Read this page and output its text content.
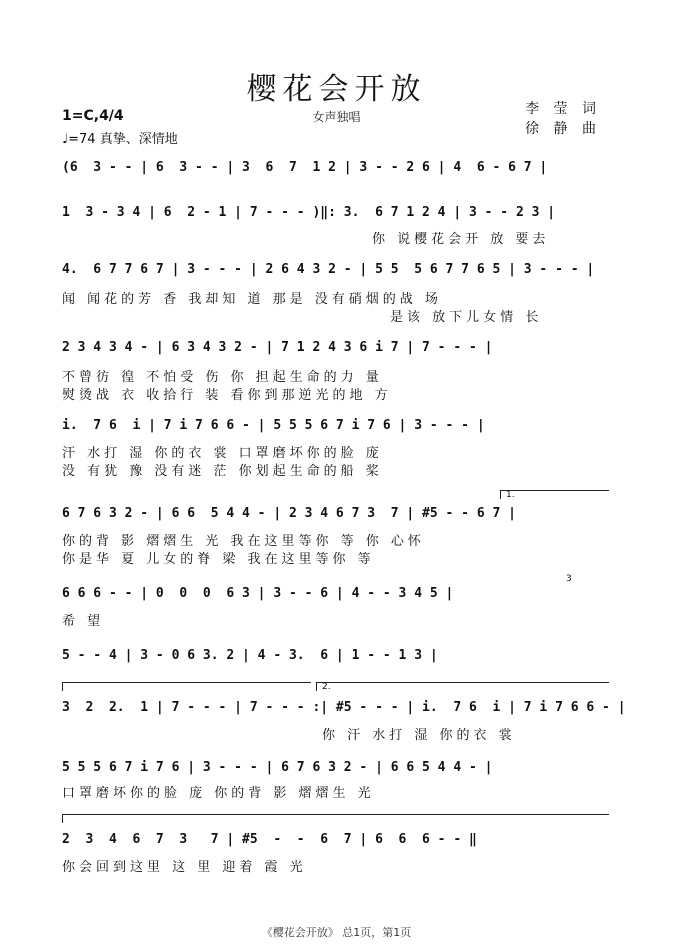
樱花会开放
女声独唱
1=C,4/4
♩=74 真挚、深情地
李 莹 词
徐 静 曲
(6  3 - - | 6  3 - - | 3  6  7  1 2 | 3 - - 2 6 | 4  6 - 6 7 |
1  3 - 3 4 | 6  2 - 1 | 7 - - - )‖: 3.  6 7 1 2 4 | 3 - - 2 3 |
你 说樱花会开 放 要去
4.  6 7 7 6 7 | 3 - - - | 2 6 4 3 2 - | 5 5  5 6 7 7 6 5 | 3 - - - |
闻 闻花的芳 香 我却知 道 那是 没有硝烟的战 场
是该 放下儿女情 长
2 3 4 3 4 - | 6 3 4 3 2 - | 7 1 2 4 3 6 i 7 | 7 - - - |
不曾彷 徨 不怕受 伤 你 担起生命的力 量
熨烫战 衣 收拾行 装 看你到那逆光的地 方
i.  7 6  i | 7 i 7 6 6 - | 5 5 5 6 7 i 7 6 | 3 - - - |
汗 水打 湿 你的衣 裳 口罩磨坏你的脸 庞
没 有犹 豫 没有迷 茫 你划起生命的船 桨
1.
6 7 6 3 2 - | 6 6  5 4 4 - | 2 3 4 6 7 3  7 | #5 - - 6 7 |
你的背 影 熠熠生 光 我在这里等你 等 你 心怀
你是华 夏 儿女的脊 梁 我在这里等你 等
3
6 6 6 - - | 0  0  0  6 3 | 3 - - 6 | 4 - - 3 4 5 |
希 望
5 - - 4 | 3 - 0 6 3. 2 | 4 - 3.  6 | 1 - - 1 3 |
2.
3  2  2.  1 | 7 - - - | 7 - - - :| #5 - - - | i.  7 6  i | 7 i 7 6 6 - |
你 汗 水打 湿 你的衣 裳
5 5 5 6 7 i 7 6 | 3 - - - | 6 7 6 3 2 - | 6 6 5 4 4 - |
口罩磨坏你的脸 庞 你的背 影 熠熠生 光
2  3  4  6  7  3   7 | #5  -  -  6  7 | 6  6  6 - - ‖
你会回到这里 这 里 迎着 霞 光
《樱花会开放》 总1页，第1页
